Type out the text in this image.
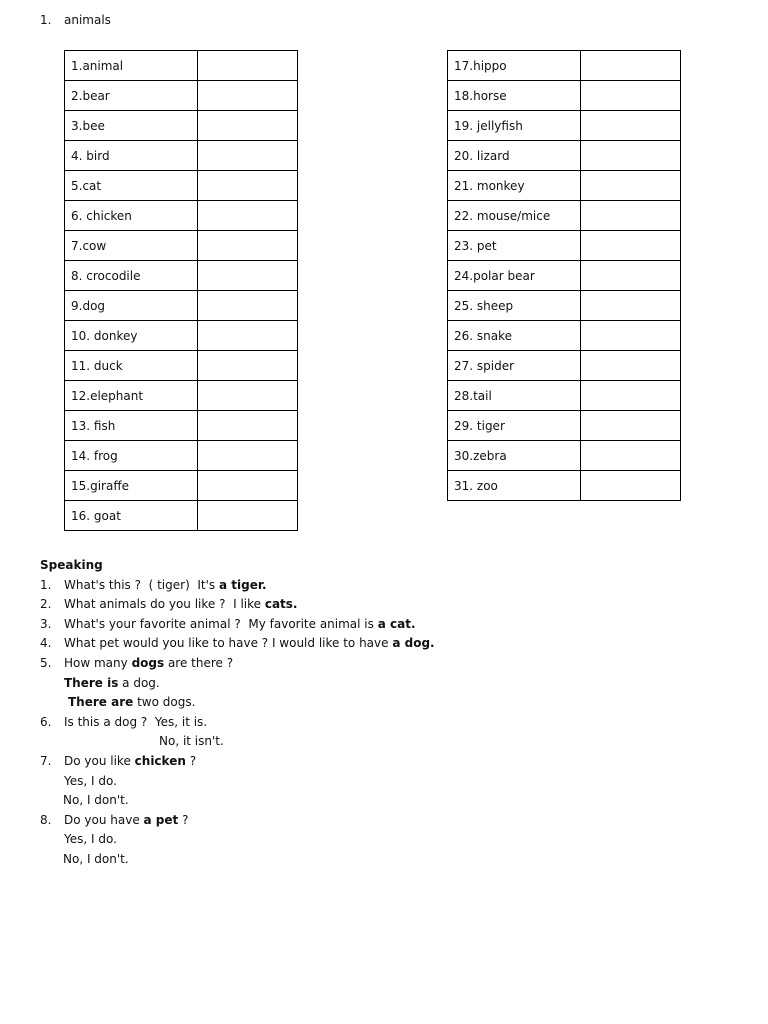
1. animals
1.animal	
2.bear	
3.bee	
4. bird	
5.cat	
6. chicken	
7.cow	
8. crocodile	
9.dog	
10. donkey	
11. duck	
12.elephant	
13. fish	
14. frog	
15.giraffe	
16. goat	
17.hippo	
18.horse	
19. jellyfish	
20. lizard	
21. monkey	
22. mouse/mice	
23. pet	
24.polar bear	
25. sheep	
26. snake	
27. spider	
28.tail	
29. tiger	
30.zebra	
31. zoo	
Speaking
1. What's this ?  ( tiger)  It's a tiger.
2. What animals do you like ?  I like cats.
3. What's your favorite animal ?  My favorite animal is a cat.
4. What pet would you like to have ? I would like to have a dog.
5. How many dogs are there ?
There is a dog.
There are two dogs.
6. Is this a dog ?  Yes, it is.
No, it isn't.
7. Do you like chicken ?
Yes, I do.
No, I don't.
8. Do you have a pet ?
Yes, I do.
No, I don't.
